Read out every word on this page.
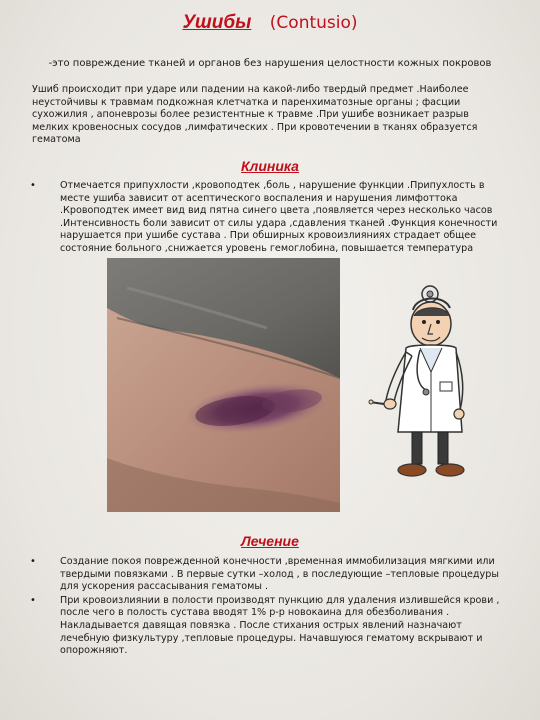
Ушибы (Contusio)
-это повреждение тканей и органов без нарушения целостности кожных покровов
Ушиб происходит при ударе или падении на какой-либо твердый предмет .Наиболее неустойчивы к травмам подкожная клетчатка и паренхиматозные органы ; фасции сухожилия , апоневрозы более резистентные к травме .При ушибе возникает разрыв мелких кровеносных сосудов ,лимфатических . При кровотечении в тканях образуется гематома
Клиника
• Отмечается припухлости ,кровоподтек ,боль , нарушение функции .Припухлость в месте ушиба зависит от асептического воспаления и нарушения лимфоттока .Кровоподтек имеет вид вид пятна синего цвета ,появляется через несколько часов .Интенсивность боли зависит от силы удара ,сдавления тканей .Функция конечности нарушается при ушибе сустава . При обширных кровоизлияниях страдает общее состояние больного ,снижается уровень гемоглобина, повышается температура
Лечение
• Создание покоя поврежденной конечности ,временная иммобилизация мягкими или твердыми повязками . В первые сутки –холод , в последующие –тепловые процедуры для ускорения рассасывания гематомы .
• При кровоизлиянии в полости производят пункцию для удаления излившейся крови , после чего в полость сустава вводят 1% р-р новокаина для обезболивания . Накладывается давящая повязка . После стихания острых явлений назначают лечебную физкультуру ,тепловые процедуры. Начавшуюся гематому вскрывают и опорожняют.
